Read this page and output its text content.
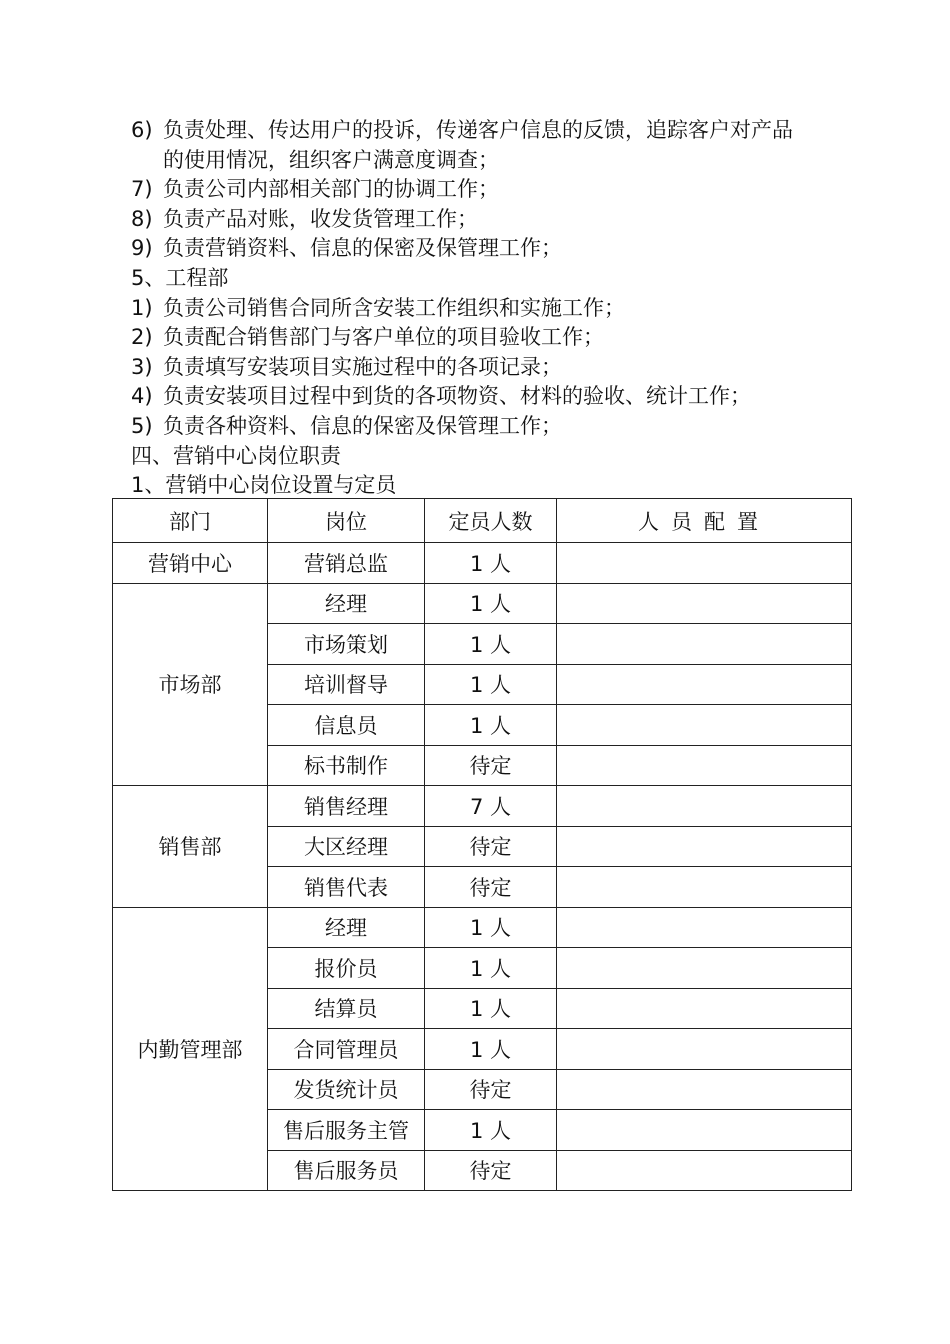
6) 负责处理、传达用户的投诉，传递客户信息的反馈，追踪客户对产品
的使用情况，组织客户满意度调查；
7) 负责公司内部相关部门的协调工作；
8) 负责产品对账，收发货管理工作；
9) 负责营销资料、信息的保密及保管理工作；
5、工程部
1) 负责公司销售合同所含安装工作组织和实施工作；
2) 负责配合销售部门与客户单位的项目验收工作；
3) 负责填写安装项目实施过程中的各项记录；
4) 负责安装项目过程中到货的各项物资、材料的验收、统计工作；
5) 负责各种资料、信息的保密及保管理工作；
四、营销中心岗位职责
1、营销中心岗位设置与定员
部门	岗位	定员人数	人员配置
营销中心	营销总监	1 人	
市场部	经理	1 人	
	市场策划	1 人	
	培训督导	1 人	
	信息员	1 人	
	标书制作	待定	
销售部	销售经理	7 人	
	大区经理	待定	
	销售代表	待定	
内勤管理部	经理	1 人	
	报价员	1 人	
	结算员	1 人	
	合同管理员	1 人	
	发货统计员	待定	
	售后服务主管	1 人	
	售后服务员	待定	
